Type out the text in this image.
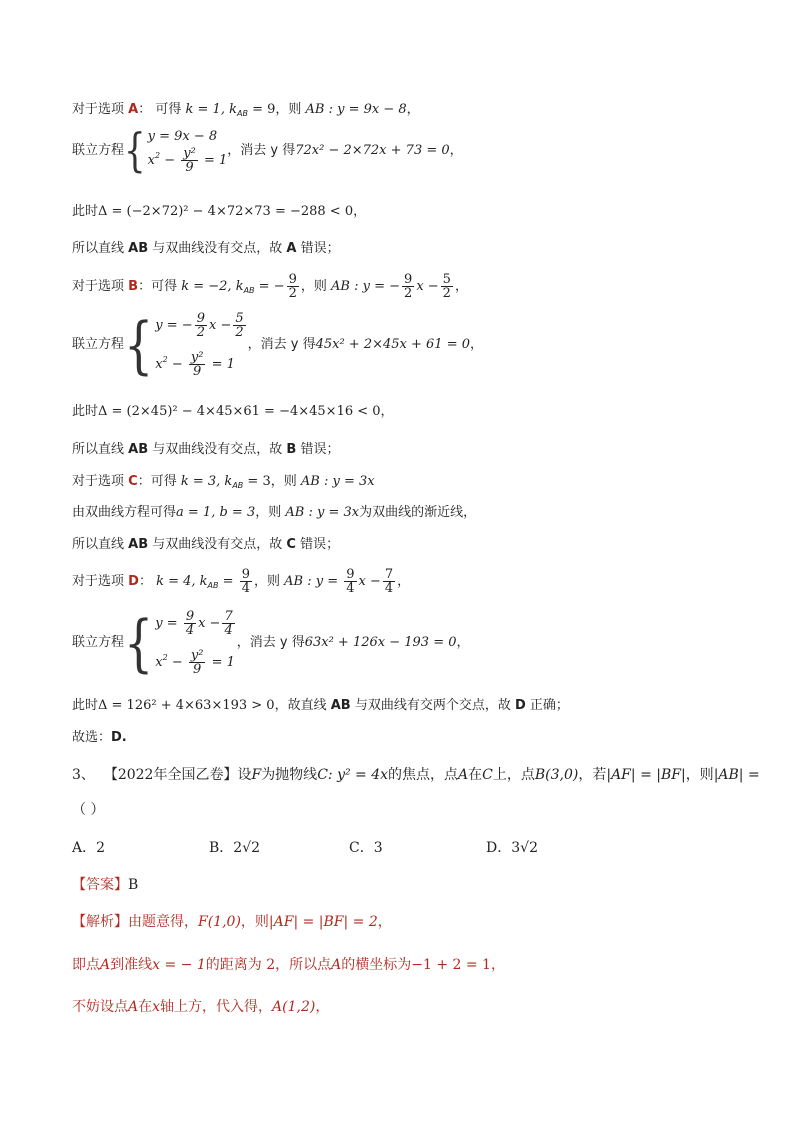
对于选项 A： 可得 k = 1, $k_{AB} = 9$，则 AB : y = 9x − 8，
联立方程 { y = 9x − 8
$x^2 - \frac{\text{y²}}{9} = 1$
，消去 y 得72x² − 2×72x + 73 = 0，
此时Δ = (−2×72)² − 4×72×73 = −288 < 0，
所以直线 AB 与双曲线没有交点，故 A 错误；
对于选项 B：可得 k = −2, $k_{AB}$ = − $\frac{9}{2}$ ，则 AB : y = − $\frac{9}{2}$ $x - \frac{5}{2}$ ，
联立方程 { y = − $\frac{9}{2}$ $x - \frac{5}{2}$
$x^2 - \frac{\text{y²}}{9} = 1$
，消去 y 得45x² + 2×45x + 61 = 0，
此时Δ = (2×45)² − 4×45×61 = −4×45×16 < 0，
所以直线 AB 与双曲线没有交点，故 B 错误；
对于选项 C：可得 k = 3, $k_{AB} = 3$，则 AB : y = 3x
由双曲线方程可得a = 1, b = 3，则 AB : y = 3x为双曲线的渐近线，
所以直线 AB 与双曲线没有交点，故 C 错误；
对于选项 D： k = 4, $k_{AB} = \frac{9}{4}$ ，则 AB : $y = \frac{9}{4}$ $x - \frac{7}{4}$ ，
联立方程 { $y = \frac{9}{4}$ $x - \frac{7}{4}$
$x^2 - \frac{\text{y²}}{9} = 1$
，消去 y 得63x² + 126x − 193 = 0，
此时Δ = 126² + 4×63×193 > 0，故直线 AB 与双曲线有交两个交点，故 D 正确；
故选：D.
3、 【2022年全国乙卷】设F为抛物线C: y² = 4x的焦点，点A在C上，点B(3,0)，若|AF| = |BF|，则|AB| =
（ ）
A．2	B．2√2	C．3	D．3√2
【答案】B
【解析】由题意得，F(1,0)，则|AF| = |BF| = 2，
即点A到准线x = − 1的距离为 2，所以点A的横坐标为−1 + 2 = 1，
不妨设点A在x轴上方，代入得，A(1,2)，
